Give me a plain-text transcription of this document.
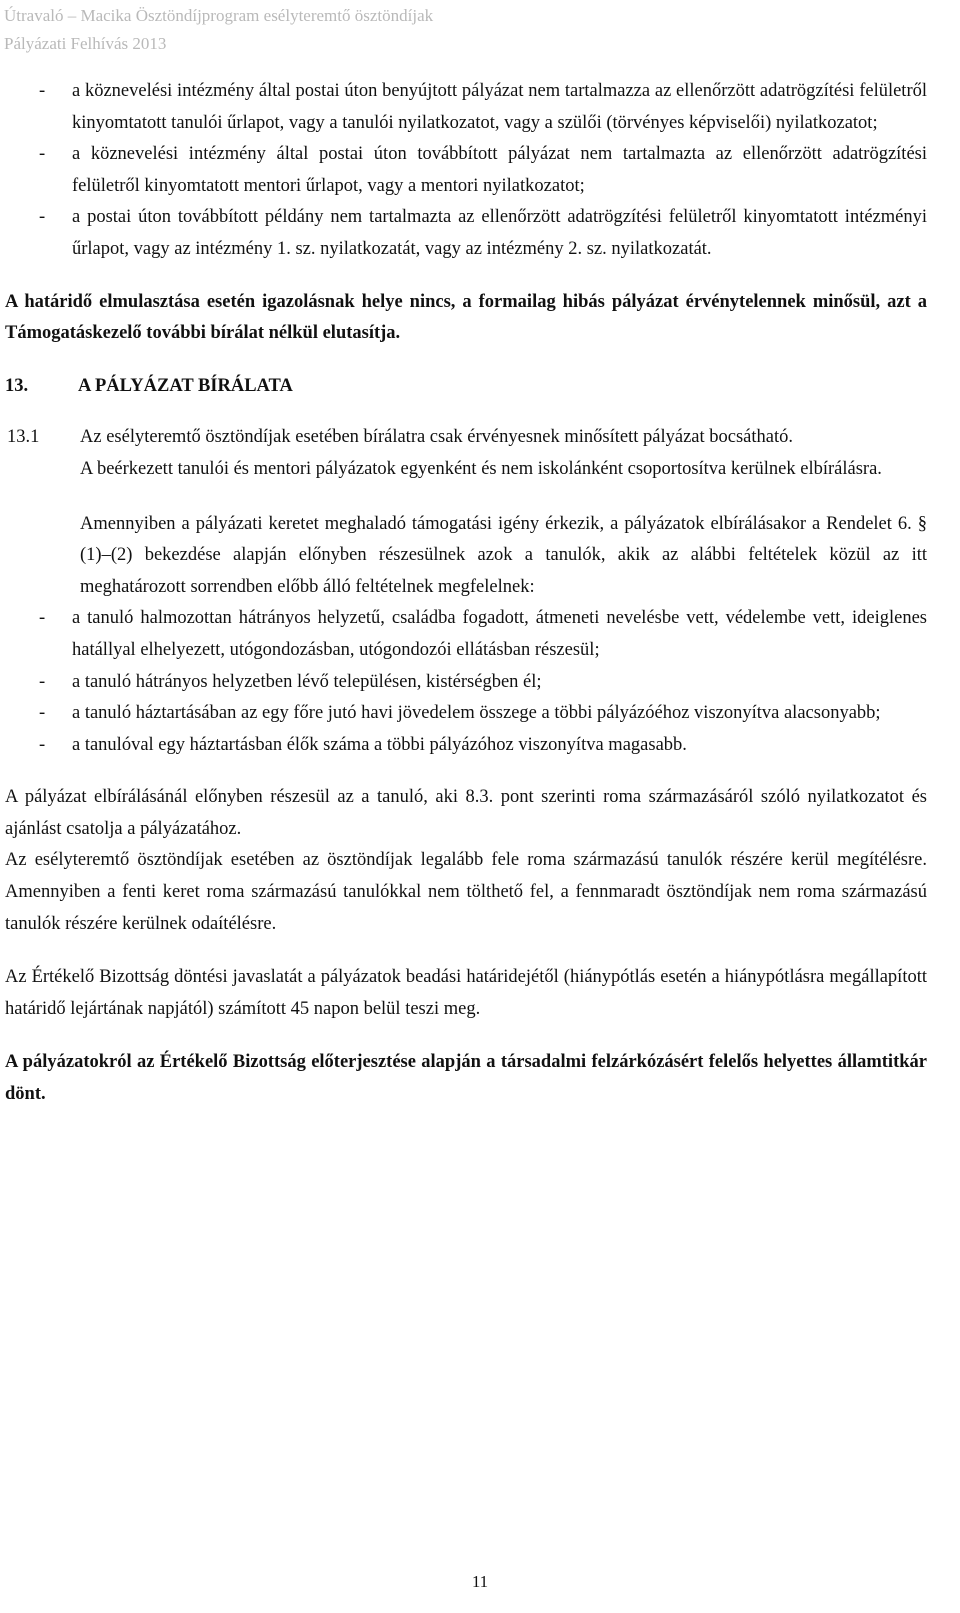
Útravaló – Macika Ösztöndíjprogram esélyteremtő ösztöndíjak
Pályázati Felhívás 2013
-	a köznevelési intézmény által postai úton benyújtott pályázat nem tartalmazza az ellenőrzött adatrögzítési felületről kinyomtatott tanulói űrlapot, vagy a tanulói nyilatkozatot, vagy a szülői (törvényes képviselői) nyilatkozatot;
-	a köznevelési intézmény által postai úton továbbított pályázat nem tartalmazta az ellenőrzött adatrögzítési felületről kinyomtatott mentori űrlapot, vagy a mentori nyilatkozatot;
-	a postai úton továbbított példány nem tartalmazta az ellenőrzött adatrögzítési felületről kinyomtatott intézményi űrlapot, vagy az intézmény 1. sz. nyilatkozatát, vagy az intézmény 2. sz. nyilatkozatát.

A határidő elmulasztása esetén igazolásnak helye nincs, a formailag hibás pályázat érvénytelennek minősül, azt a Támogatáskezelő további bírálat nélkül elutasítja.

13.	A PÁLYÁZAT BÍRÁLATA
13.1	Az esélyteremtő ösztöndíjak esetében bírálatra csak érvényesnek minősített pályázat bocsátható.

A beérkezett tanulói és mentori pályázatok egyenként és nem iskolánként csoportosítva kerülnek elbírálásra.

Amennyiben a pályázati keretet meghaladó támogatási igény érkezik, a pályázatok elbírálásakor a Rendelet 6. § (1)–(2) bekezdése alapján előnyben részesülnek azok a tanulók, akik az alábbi feltételek közül az itt meghatározott sorrendben előbb álló feltételnek megfelelnek:

-	a tanuló halmozottan hátrányos helyzetű, családba fogadott, átmeneti nevelésbe vett, védelembe vett, ideiglenes hatállyal elhelyezett, utógondozásban, utógondozói ellátásban részesül;
-	a tanuló hátrányos helyzetben lévő településen, kistérségben él;
-	a tanuló háztartásában az egy főre jutó havi jövedelem összege a többi pályázóéhoz viszonyítva alacsonyabb;
-	a tanulóval egy háztartásban élők száma a többi pályázóhoz viszonyítva magasabb.

A pályázat elbírálásánál előnyben részesül az a tanuló, aki 8.3. pont szerinti roma származásáról szóló nyilatkozatot és ajánlást csatolja a pályázatához.

Az esélyteremtő ösztöndíjak esetében az ösztöndíjak legalább fele roma származású tanulók részére kerül megítélésre. Amennyiben a fenti keret roma származású tanulókkal nem tölthető fel, a fennmaradt ösztöndíjak nem roma származású tanulók részére kerülnek odaítélésre.

Az Értékelő Bizottság döntési javaslatát a pályázatok beadási határidejétől (hiánypótlás esetén a hiánypótlásra megállapított határidő lejártának napjától) számított 45 napon belül teszi meg.

A pályázatokról az Értékelő Bizottság előterjesztése alapján a társadalmi felzárkózásért felelős helyettes államtitkár dönt.

11
